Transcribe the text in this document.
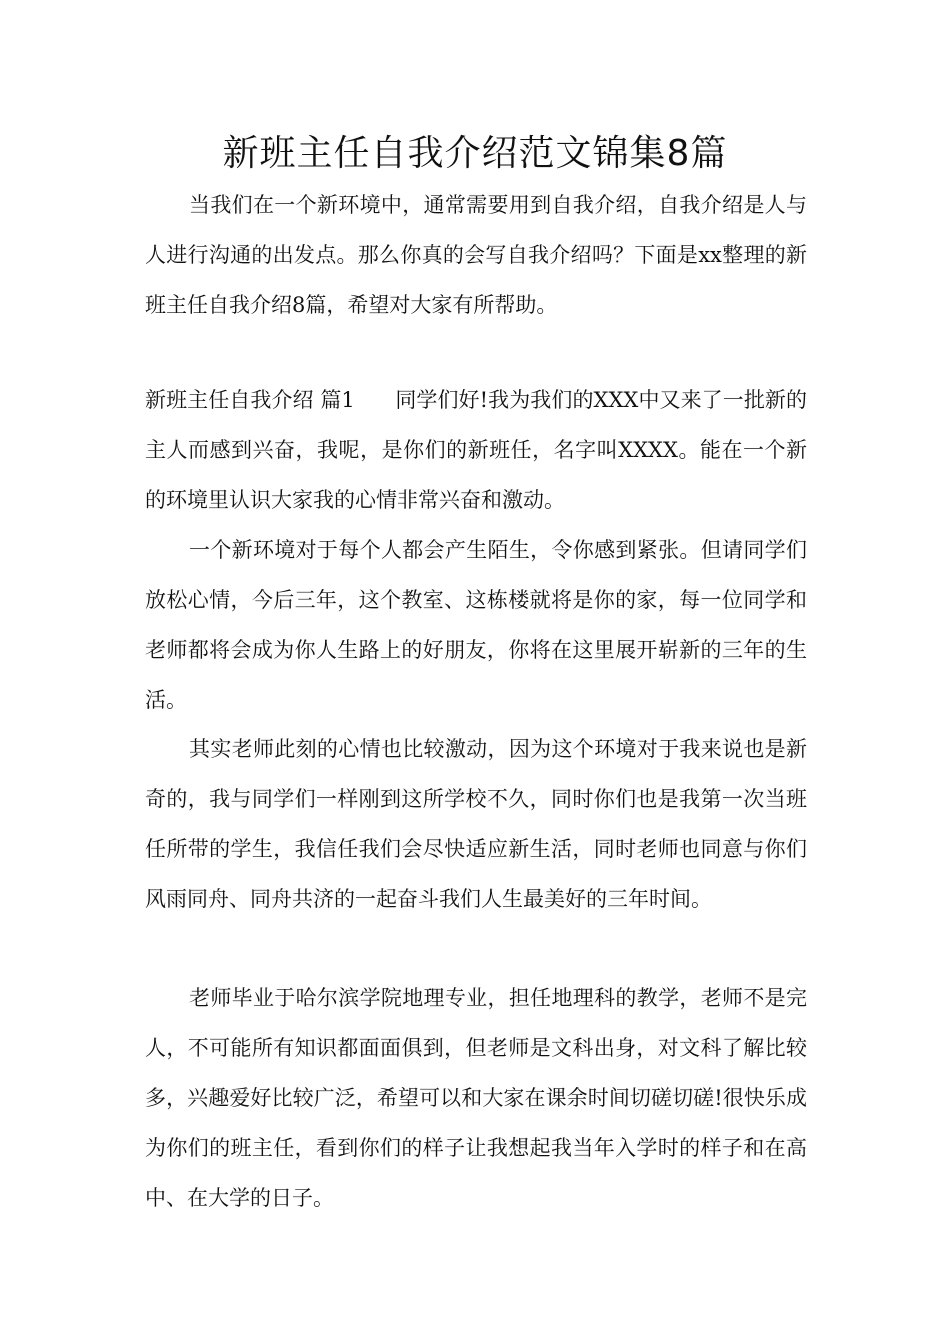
新班主任自我介绍范文锦集8篇

当我们在一个新环境中，通常需要用到自我介绍，自我介绍是人与人进行沟通的出发点。那么你真的会写自我介绍吗？下面是xx整理的新班主任自我介绍8篇，希望对大家有所帮助。

新班主任自我介绍 篇1 同学们好!我为我们的XXX中又来了一批新的主人而感到兴奋，我呢，是你们的新班任，名字叫XXXX。能在一个新的环境里认识大家我的心情非常兴奋和激动。

一个新环境对于每个人都会产生陌生，令你感到紧张。但请同学们放松心情，今后三年，这个教室、这栋楼就将是你的家，每一位同学和老师都将会成为你人生路上的好朋友，你将在这里展开崭新的三年的生活。

其实老师此刻的心情也比较激动，因为这个环境对于我来说也是新奇的，我与同学们一样刚到这所学校不久，同时你们也是我第一次当班任所带的学生，我信任我们会尽快适应新生活，同时老师也同意与你们风雨同舟、同舟共济的一起奋斗我们人生最美好的三年时间。

老师毕业于哈尔滨学院地理专业，担任地理科的教学，老师不是完人，不可能所有知识都面面俱到，但老师是文科出身，对文科了解比较多，兴趣爱好比较广泛，希望可以和大家在课余时间切磋切磋!很快乐成为你们的班主任，看到你们的样子让我想起我当年入学时的样子和在高中、在大学的日子。
